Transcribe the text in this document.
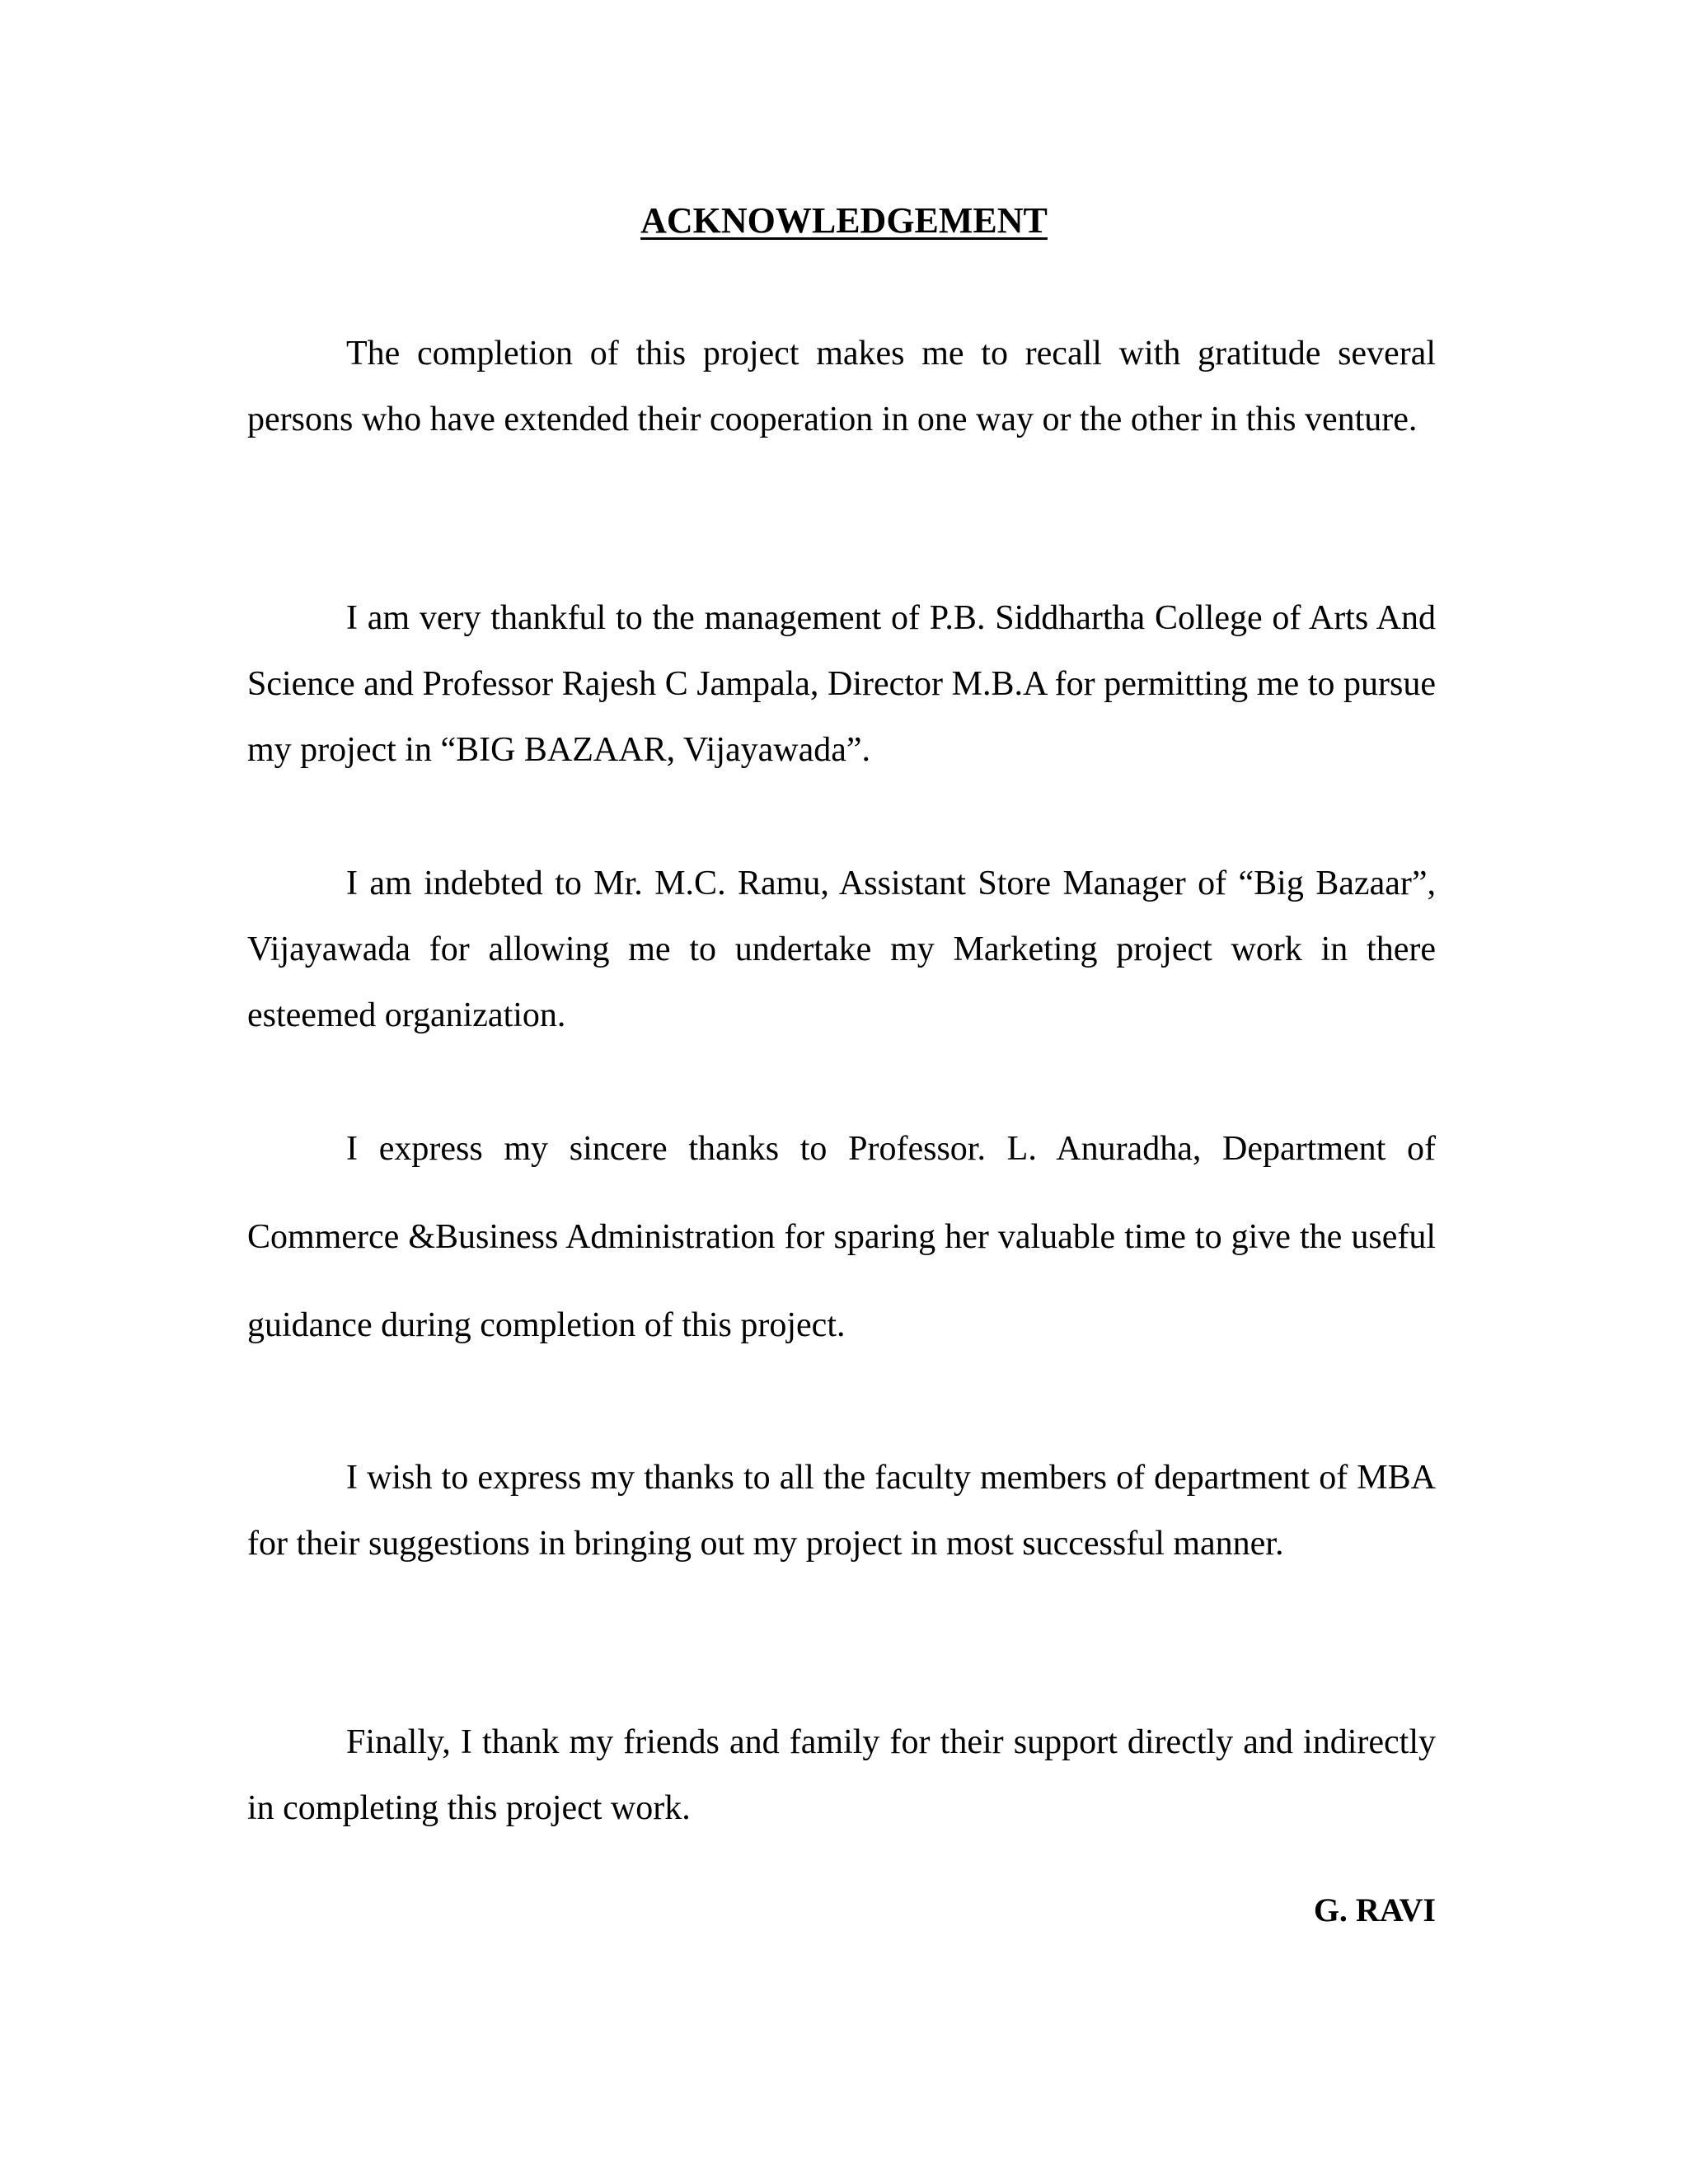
ACKNOWLEDGEMENT

The completion of this project makes me to recall with gratitude several persons who have extended their cooperation in one way or the other in this venture.

I am very thankful to the management of P.B. Siddhartha College of Arts And Science and Professor Rajesh C Jampala, Director M.B.A for permitting me to pursue my project in “BIG BAZAAR, Vijayawada”.

I am indebted to Mr. M.C. Ramu, Assistant Store Manager of “Big Bazaar”, Vijayawada for allowing me to undertake my Marketing project work in there esteemed organization.

I express my sincere thanks to Professor. L. Anuradha, Department of Commerce &Business Administration for sparing her valuable time to give the useful guidance during completion of this project.

I wish to express my thanks to all the faculty members of department of MBA for their suggestions in bringing out my project in most successful manner.

Finally, I thank my friends and family for their support directly and indirectly in completing this project work.

G. RAVI
